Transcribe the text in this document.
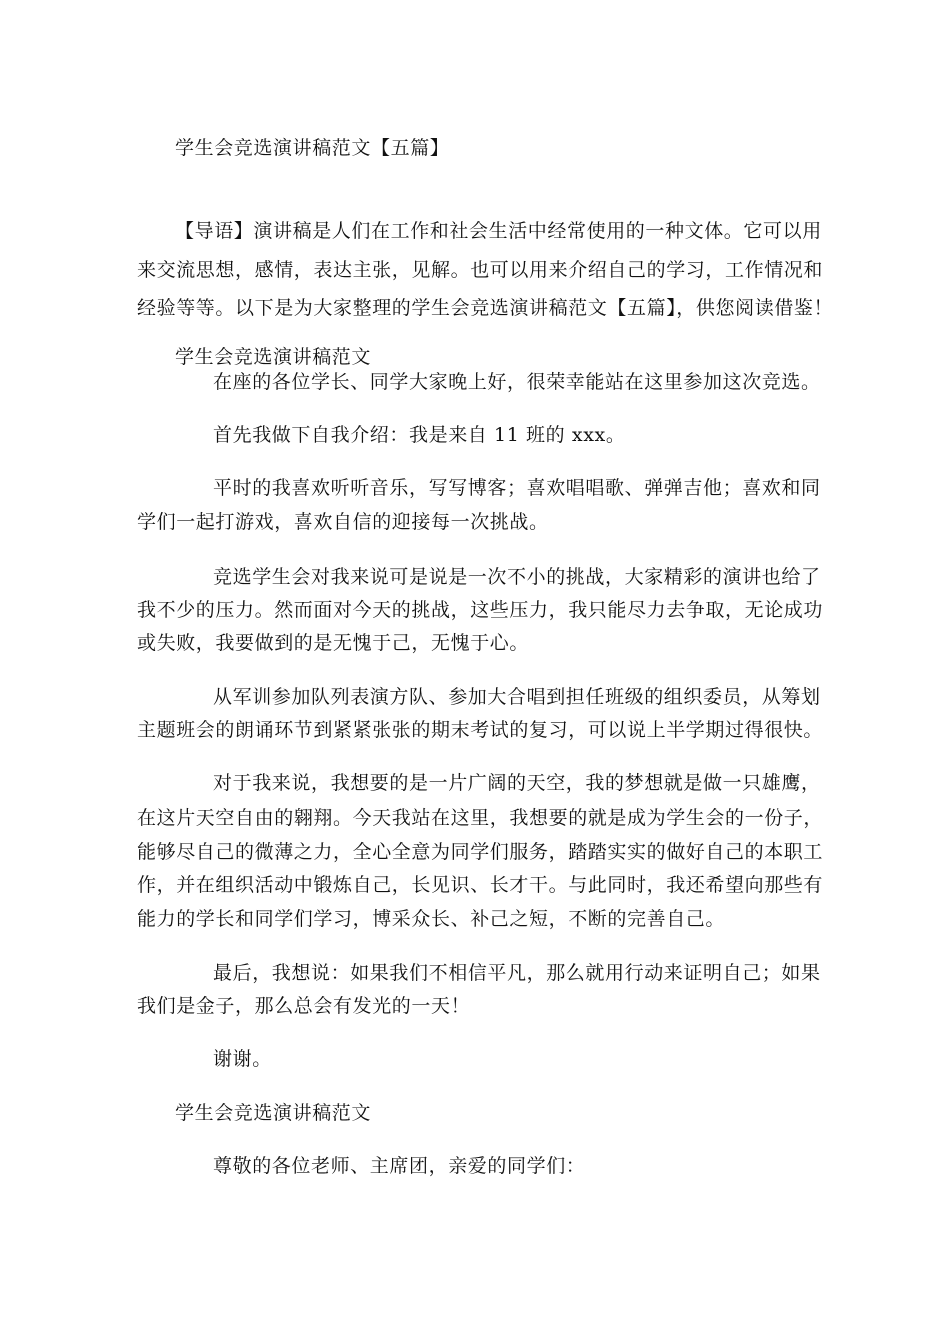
学生会竞选演讲稿范文【五篇】
【导语】演讲稿是人们在工作和社会生活中经常使用的一种文体。它可以用
来交流思想，感情，表达主张，见解。也可以用来介绍自己的学习，工作情况和
经验等等。以下是为大家整理的学生会竞选演讲稿范文【五篇】，供您阅读借鉴！
学生会竞选演讲稿范文
在座的各位学长、同学大家晚上好，很荣幸能站在这里参加这次竞选。
首先我做下自我介绍：我是来自 11 班的 xxx。
平时的我喜欢听听音乐，写写博客；喜欢唱唱歌、弹弹吉他；喜欢和同
学们一起打游戏，喜欢自信的迎接每一次挑战。
竞选学生会对我来说可是说是一次不小的挑战，大家精彩的演讲也给了
我不少的压力。然而面对今天的挑战，这些压力，我只能尽力去争取，无论成功
或失败，我要做到的是无愧于己，无愧于心。
从军训参加队列表演方队、参加大合唱到担任班级的组织委员，从筹划
主题班会的朗诵环节到紧紧张张的期末考试的复习，可以说上半学期过得很快。
对于我来说，我想要的是一片广阔的天空，我的梦想就是做一只雄鹰，
在这片天空自由的翱翔。今天我站在这里，我想要的就是成为学生会的一份子，
能够尽自己的微薄之力，全心全意为同学们服务，踏踏实实的做好自己的本职工
作，并在组织活动中锻炼自己，长见识、长才干。与此同时，我还希望向那些有
能力的学长和同学们学习，博采众长、补己之短，不断的完善自己。
最后，我想说：如果我们不相信平凡，那么就用行动来证明自己；如果
我们是金子，那么总会有发光的一天！
谢谢。
学生会竞选演讲稿范文
尊敬的各位老师、主席团，亲爱的同学们：
